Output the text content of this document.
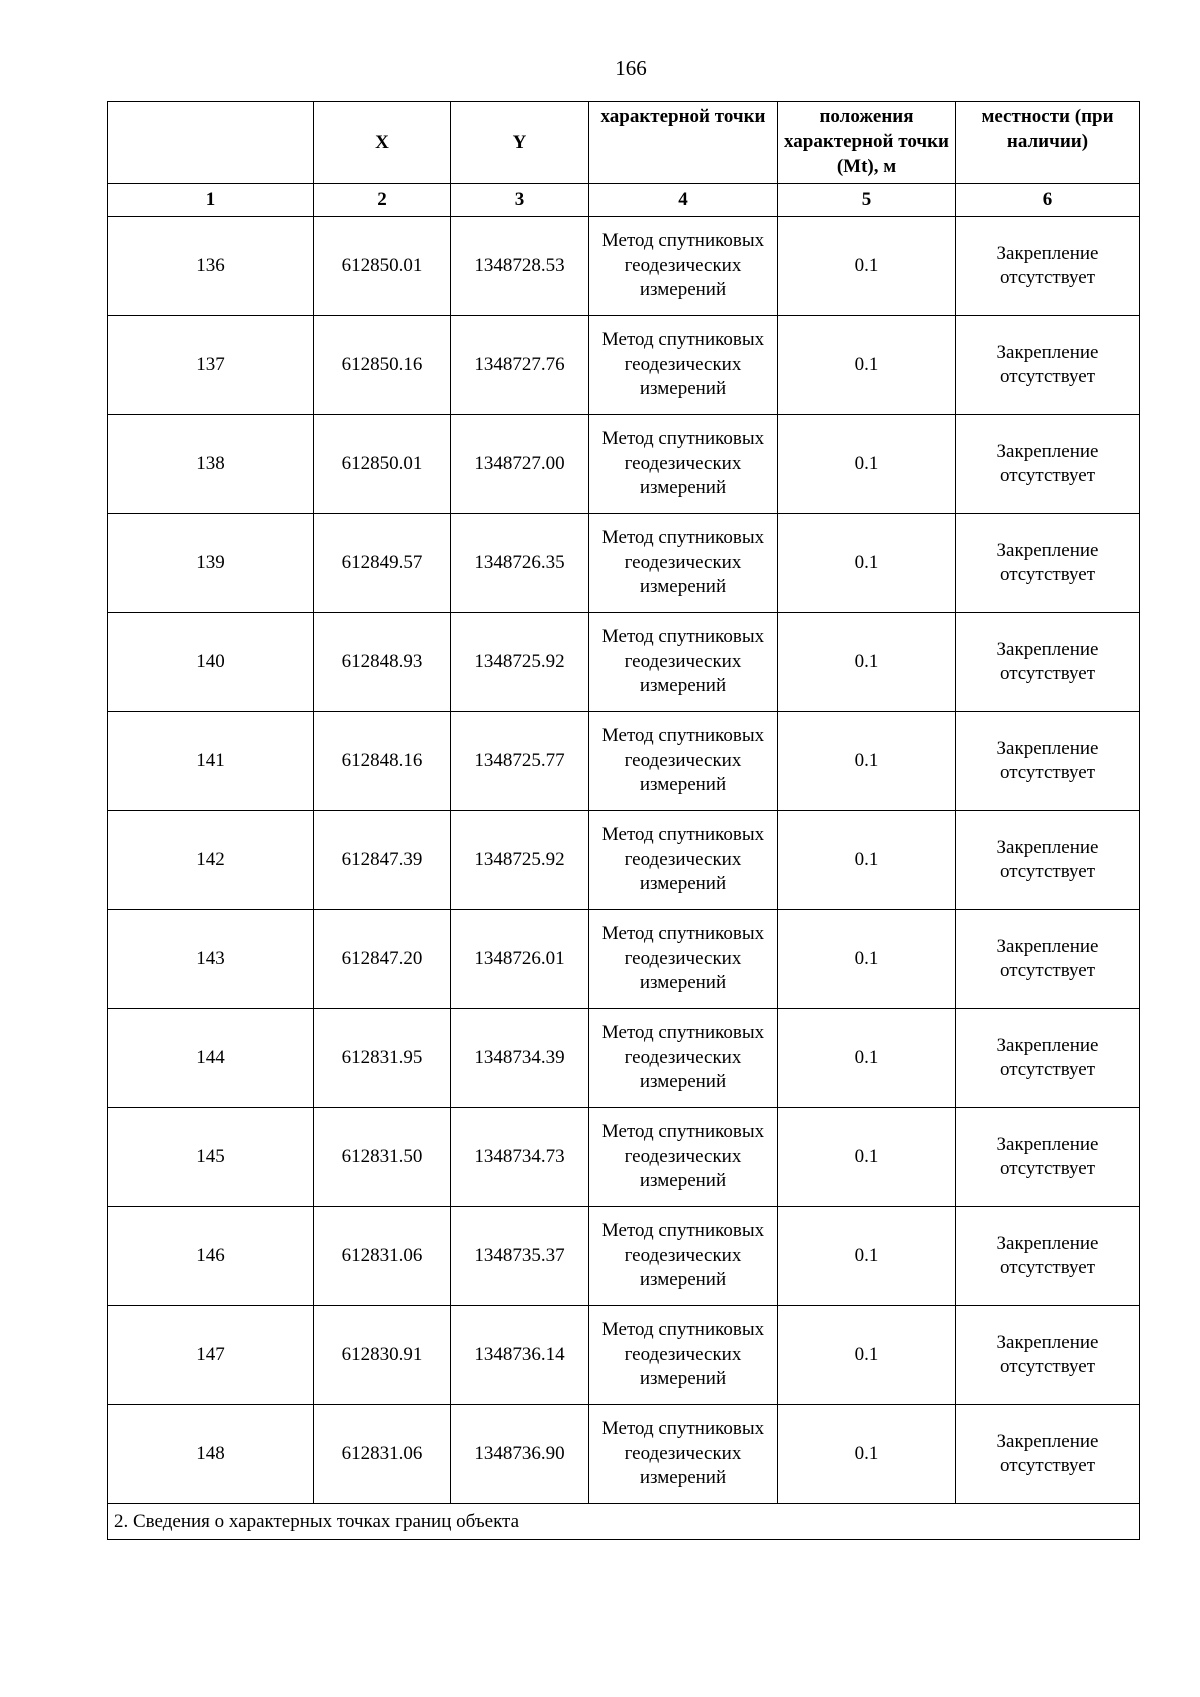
166
	X	Y	характерной точки	положения характерной точки (Mt), м	местности (при наличии)
1	2	3	4	5	6
136	612850.01	1348728.53	Метод спутниковых геодезических измерений	0.1	Закрепление отсутствует
137	612850.16	1348727.76	Метод спутниковых геодезических измерений	0.1	Закрепление отсутствует
138	612850.01	1348727.00	Метод спутниковых геодезических измерений	0.1	Закрепление отсутствует
139	612849.57	1348726.35	Метод спутниковых геодезических измерений	0.1	Закрепление отсутствует
140	612848.93	1348725.92	Метод спутниковых геодезических измерений	0.1	Закрепление отсутствует
141	612848.16	1348725.77	Метод спутниковых геодезических измерений	0.1	Закрепление отсутствует
142	612847.39	1348725.92	Метод спутниковых геодезических измерений	0.1	Закрепление отсутствует
143	612847.20	1348726.01	Метод спутниковых геодезических измерений	0.1	Закрепление отсутствует
144	612831.95	1348734.39	Метод спутниковых геодезических измерений	0.1	Закрепление отсутствует
145	612831.50	1348734.73	Метод спутниковых геодезических измерений	0.1	Закрепление отсутствует
146	612831.06	1348735.37	Метод спутниковых геодезических измерений	0.1	Закрепление отсутствует
147	612830.91	1348736.14	Метод спутниковых геодезических измерений	0.1	Закрепление отсутствует
148	612831.06	1348736.90	Метод спутниковых геодезических измерений	0.1	Закрепление отсутствует
2. Сведения о характерных точках границ объекта					
